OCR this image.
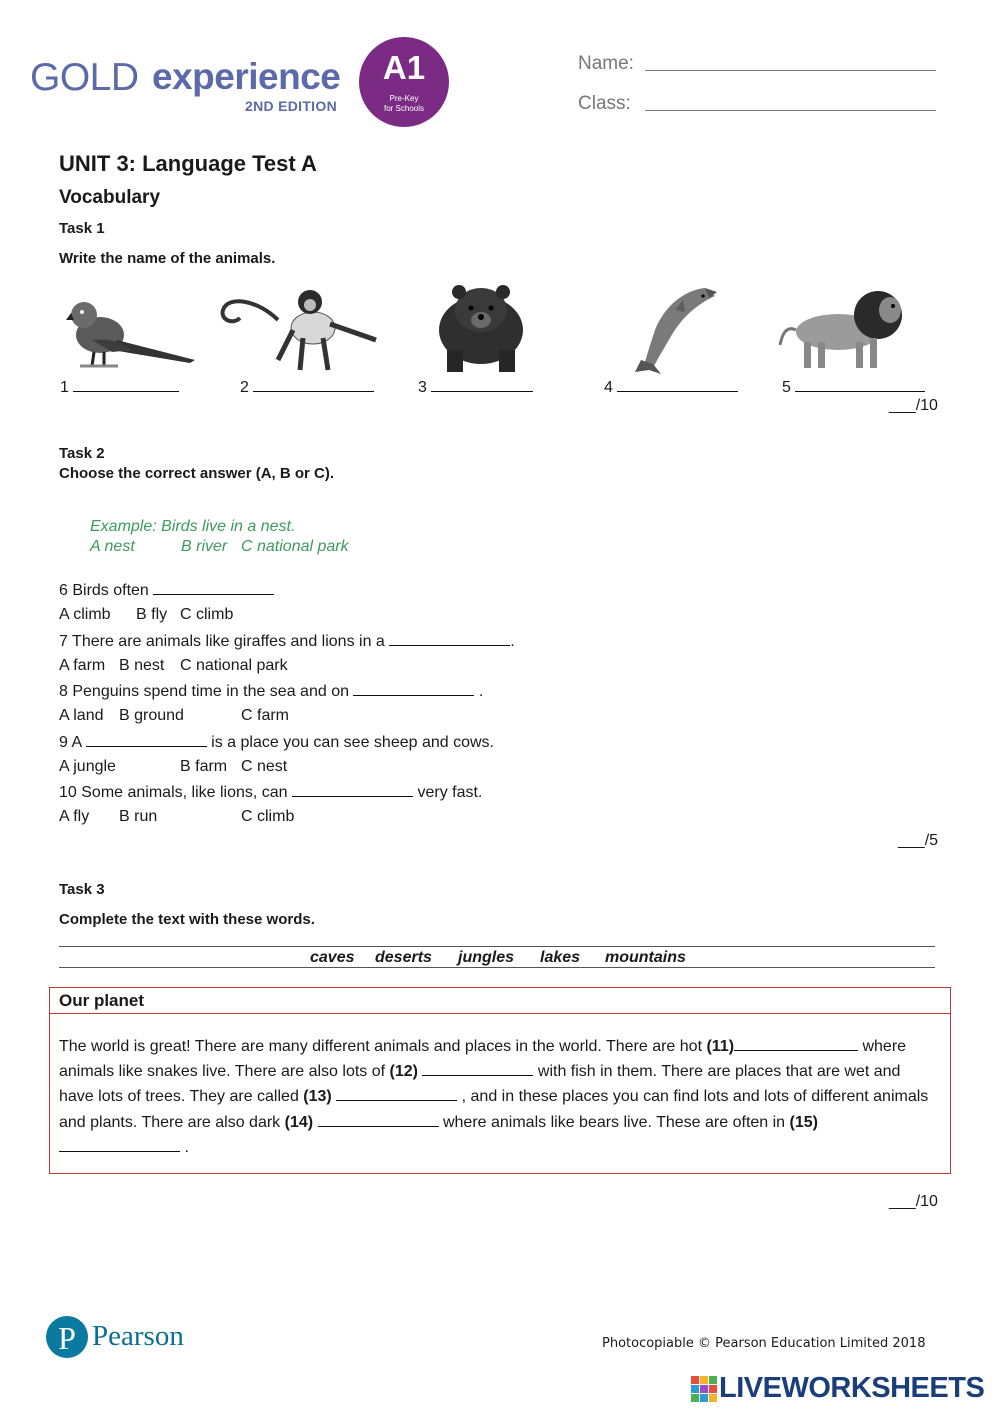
GOLD experience
2ND EDITION
A1
Pre-Key
for Schools
Name:
Class:
UNIT 3: Language Test A
Vocabulary
Task 1
Write the name of the animals.
1	2	3	4	5
___/10
Task 2
Choose the correct answer (A, B or C).
Example: Birds live in a nest.
A nest	B river C national park
6 Birds often
A climb B fly C climb
7 There are animals like giraffes and lions in a	.
A farm B nest C national park
8 Penguins spend time in the sea and on	.
A land B ground	C farm
9 A	is a place you can see sheep and cows.
A jungle	B farm C nest
10 Some animals, like lions, can	very fast.
A fly B run	C climb
___/5
Task 3
Complete the text with these words.
caves deserts jungles lakes mountains
Our planet
The world is great! There are many different animals and places in the world. There are hot (11)	where animals like snakes live. There are also lots of (12)	with fish in them. There are places that are wet and have lots of trees. They are called (13)	, and in these places you can find lots and lots of different animals and plants. There are also dark (14)	where animals like bears live. These are often in (15)  .
___/10
P Pearson	Photocopiable © Pearson Education Limited 2018
LIVEWORKSHEETS
